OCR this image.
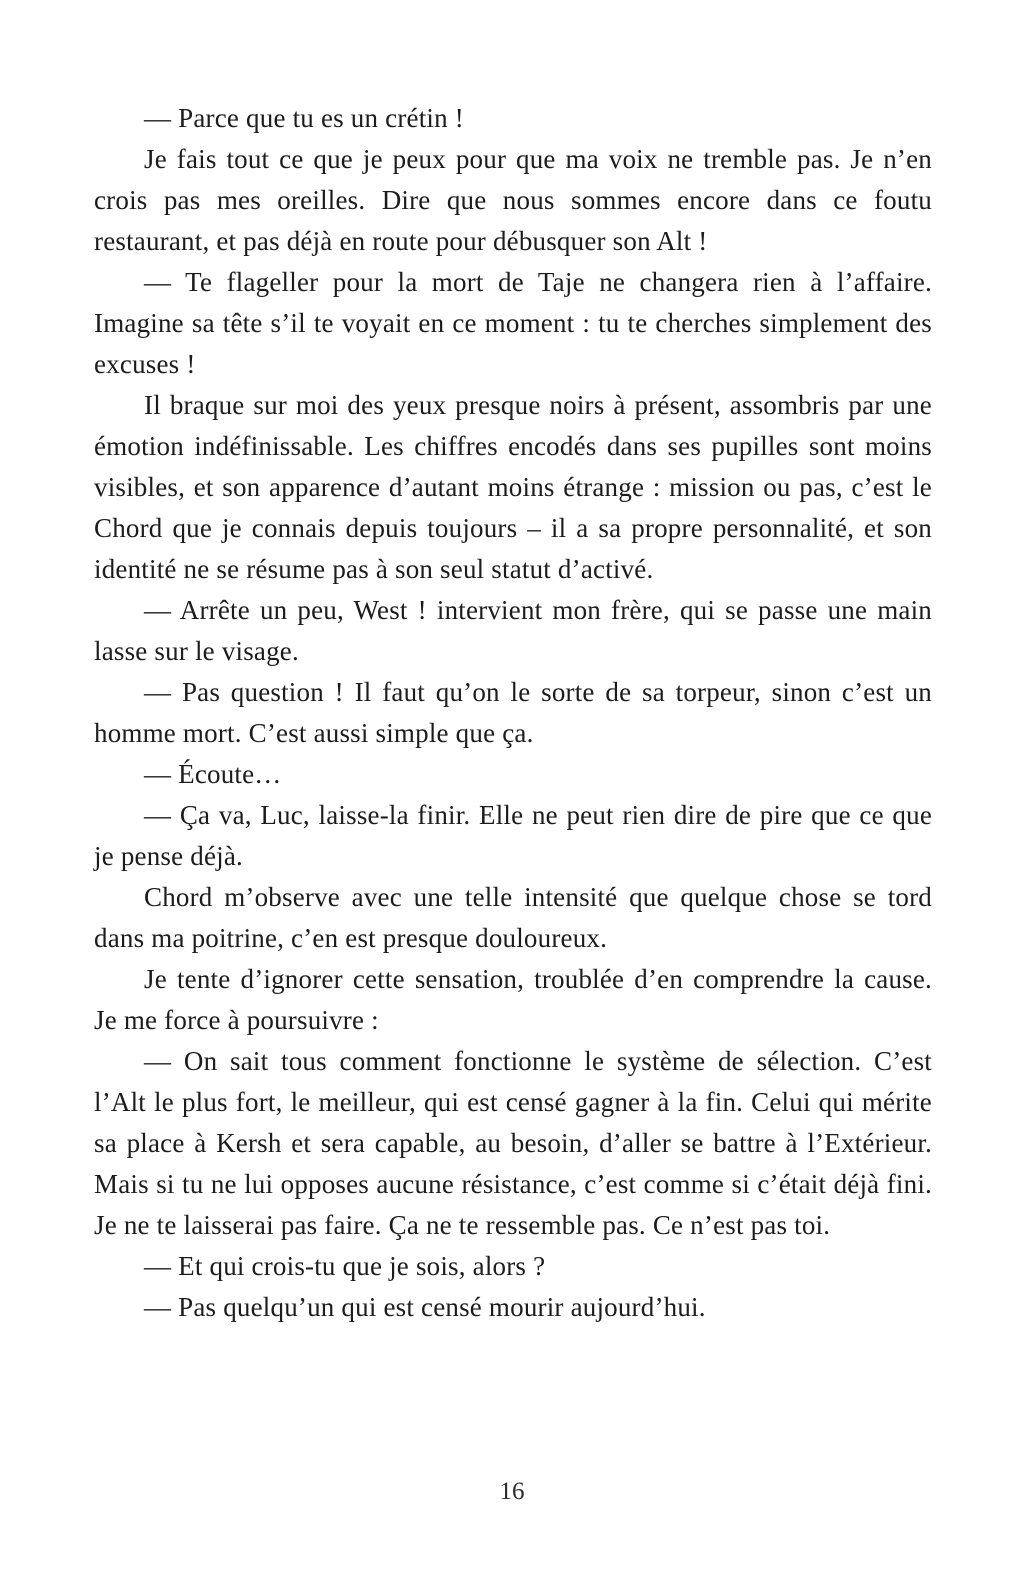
— Parce que tu es un crétin !

Je fais tout ce que je peux pour que ma voix ne tremble pas. Je n’en crois pas mes oreilles. Dire que nous sommes encore dans ce foutu restaurant, et pas déjà en route pour débusquer son Alt !

— Te flageller pour la mort de Taje ne changera rien à l’affaire. Imagine sa tête s’il te voyait en ce moment : tu te cherches simplement des excuses !

Il braque sur moi des yeux presque noirs à présent, assombris par une émotion indéfinissable. Les chiffres encodés dans ses pupilles sont moins visibles, et son apparence d’autant moins étrange : mission ou pas, c’est le Chord que je connais depuis toujours – il a sa propre personnalité, et son identité ne se résume pas à son seul statut d’activé.

— Arrête un peu, West ! intervient mon frère, qui se passe une main lasse sur le visage.

— Pas question ! Il faut qu’on le sorte de sa torpeur, sinon c’est un homme mort. C’est aussi simple que ça.

— Écoute…

— Ça va, Luc, laisse-la finir. Elle ne peut rien dire de pire que ce que je pense déjà.

Chord m’observe avec une telle intensité que quelque chose se tord dans ma poitrine, c’en est presque douloureux.

Je tente d’ignorer cette sensation, troublée d’en comprendre la cause. Je me force à poursuivre :

— On sait tous comment fonctionne le système de sélection. C’est l’Alt le plus fort, le meilleur, qui est censé gagner à la fin. Celui qui mérite sa place à Kersh et sera capable, au besoin, d’aller se battre à l’Extérieur. Mais si tu ne lui opposes aucune résistance, c’est comme si c’était déjà fini. Je ne te laisserai pas faire. Ça ne te ressemble pas. Ce n’est pas toi.

— Et qui crois-tu que je sois, alors ?

— Pas quelqu’un qui est censé mourir aujourd’hui.

16
